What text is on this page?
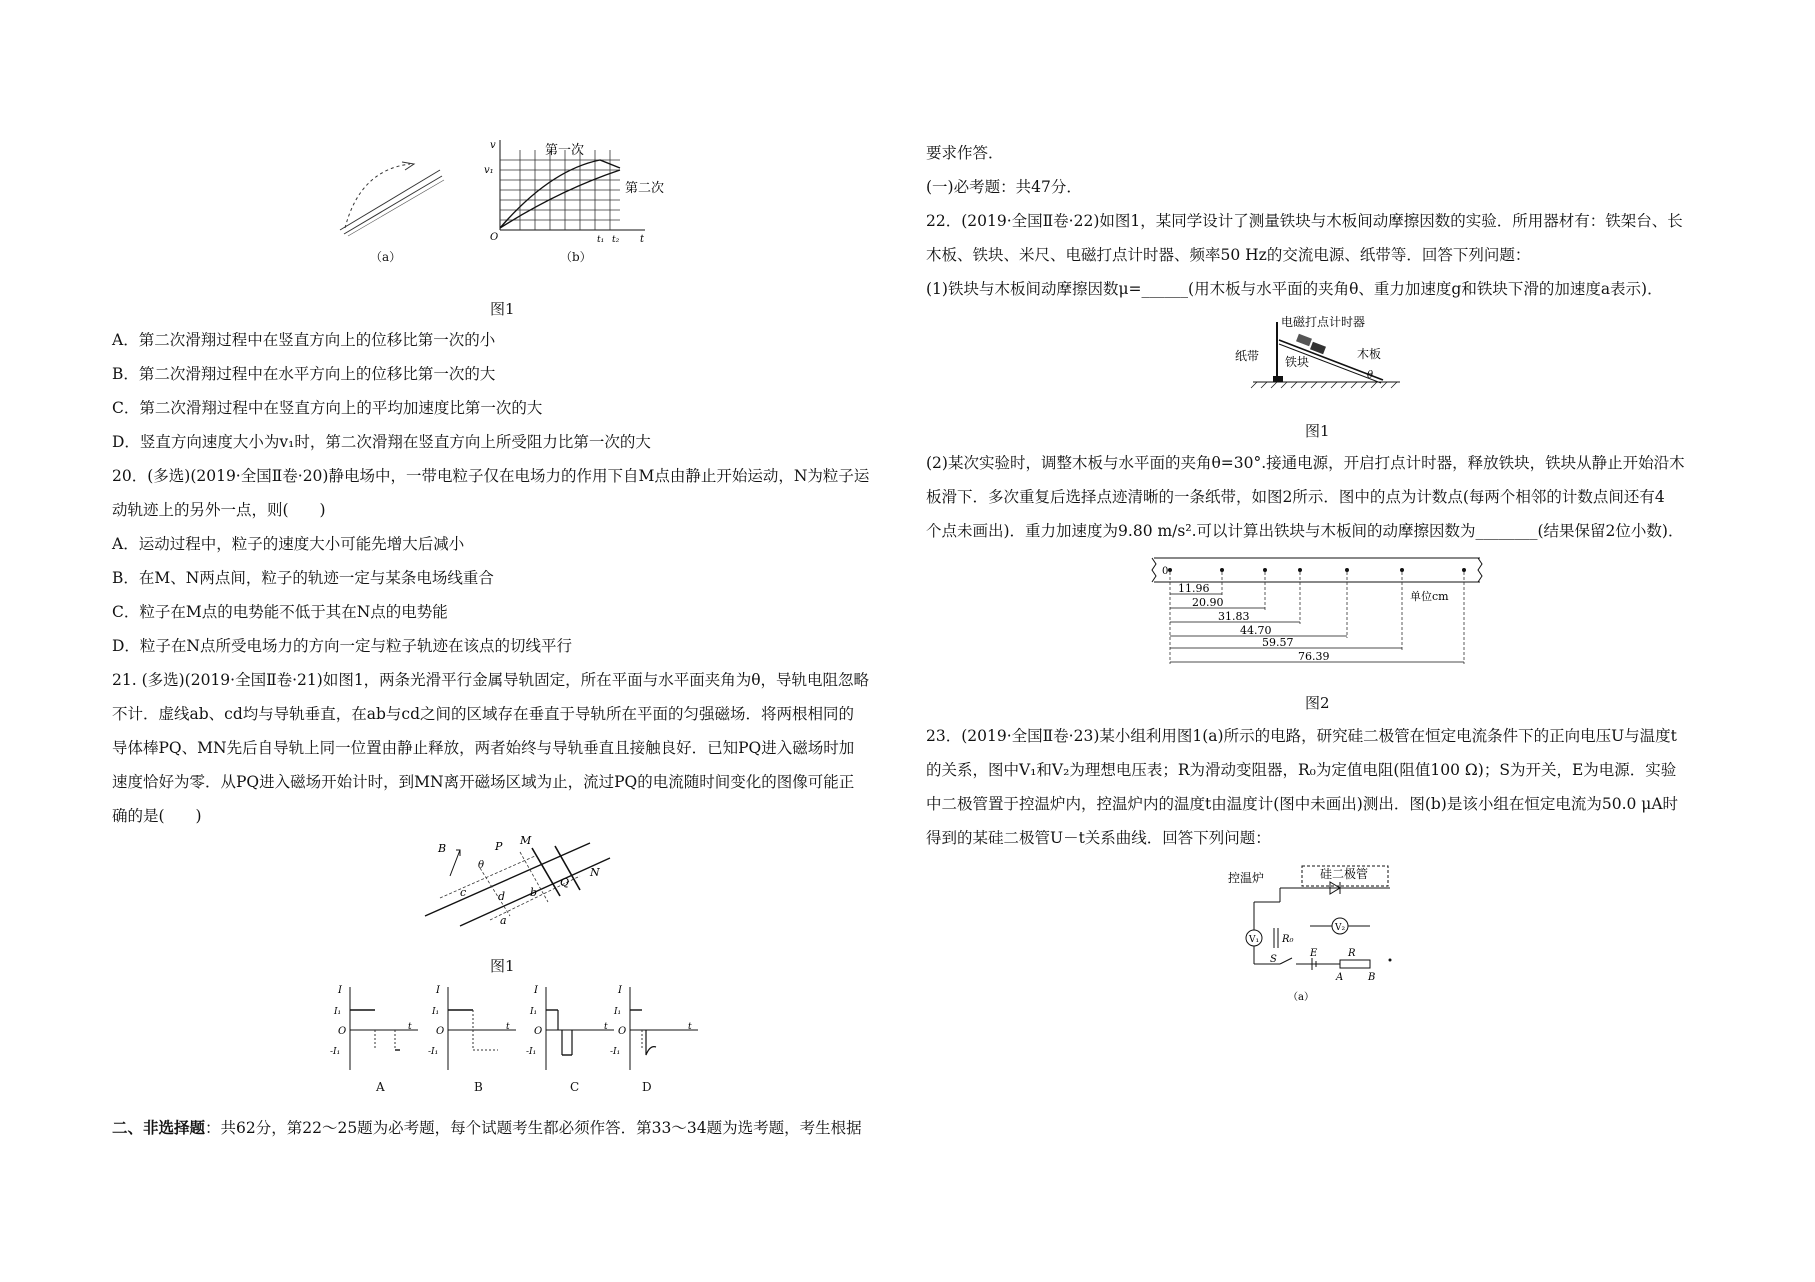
（a）
v
v₁
O	t₁ t₂ t
第一次
第二次
（b）
图1
A．第二次滑翔过程中在竖直方向上的位移比第一次的小
B．第二次滑翔过程中在水平方向上的位移比第一次的大
C．第二次滑翔过程中在竖直方向上的平均加速度比第一次的大
D．竖直方向速度大小为v₁时，第二次滑翔在竖直方向上所受阻力比第一次的大
20．(多选)(2019·全国Ⅱ卷·20)静电场中，一带电粒子仅在电场力的作用下自M点由静止开始运动，N为粒子运
动轨迹上的另外一点，则(　　)
A．运动过程中，粒子的速度大小可能先增大后减小
B．在M、N两点间，粒子的轨迹一定与某条电场线重合
C．粒子在M点的电势能不低于其在N点的电势能
D．粒子在N点所受电场力的方向一定与粒子轨迹在该点的切线平行
21. (多选)(2019·全国Ⅱ卷·21)如图1，两条光滑平行金属导轨固定，所在平面与水平面夹角为θ，导轨电阻忽略
不计．虚线ab、cd均与导轨垂直，在ab与cd之间的区域存在垂直于导轨所在平面的匀强磁场．将两根相同的
导体棒PQ、MN先后自导轨上同一位置由静止释放，两者始终与导轨垂直且接触良好．已知PQ进入磁场时加
速度恰好为零．从PQ进入磁场开始计时，到MN离开磁场区域为止，流过PQ的电流随时间变化的图像可能正
确的是(　　)
B	P M
θ
c	d
a
b
Q
N
图1
I
I₁
O
-I₁
t
A
I
I₁
O
-I₁
t
B
I
I₁
O
-I₁
t
C
I
I₁
O
-I₁
t
D
二、非选择题：共62分，第22～25题为必考题，每个试题考生都必须作答．第33～34题为选考题，考生根据
要求作答．
(一)必考题：共47分．
22．(2019·全国Ⅱ卷·22)如图1，某同学设计了测量铁块与木板间动摩擦因数的实验．所用器材有：铁架台、长
木板、铁块、米尺、电磁打点计时器、频率50 Hz的交流电源、纸带等．回答下列问题：
(1)铁块与木板间动摩擦因数μ=______(用木板与水平面的夹角θ、重力加速度g和铁块下滑的加速度a表示)．
电磁打点计时器
纸带 铁块
木板
θ
图1
(2)某次实验时，调整木板与水平面的夹角θ=30°.接通电源，开启打点计时器，释放铁块，铁块从静止开始沿木
板滑下．多次重复后选择点迹清晰的一条纸带，如图2所示．图中的点为计数点(每两个相邻的计数点间还有4
个点未画出)．重力加速度为9.80 m/s².可以计算出铁块与木板间的动摩擦因数为________(结果保留2位小数)．
0
单位cm
11.96
20.90
31.83
44.70
59.57
76.39
图2
23．(2019·全国Ⅱ卷·23)某小组利用图1(a)所示的电路，研究硅二极管在恒定电流条件下的正向电压U与温度t
的关系，图中V₁和V₂为理想电压表；R为滑动变阻器，R₀为定值电阻(阻值100 Ω)；S为开关，E为电源．实验
中二极管置于控温炉内，控温炉内的温度t由温度计(图中未画出)测出．图(b)是该小组在恒定电流为50.0 μA时
得到的某硅二极管U－t关系曲线．回答下列问题：
控温炉	硅二极管
V₁
V₂
R₀
S
E	R
A B
（a）
